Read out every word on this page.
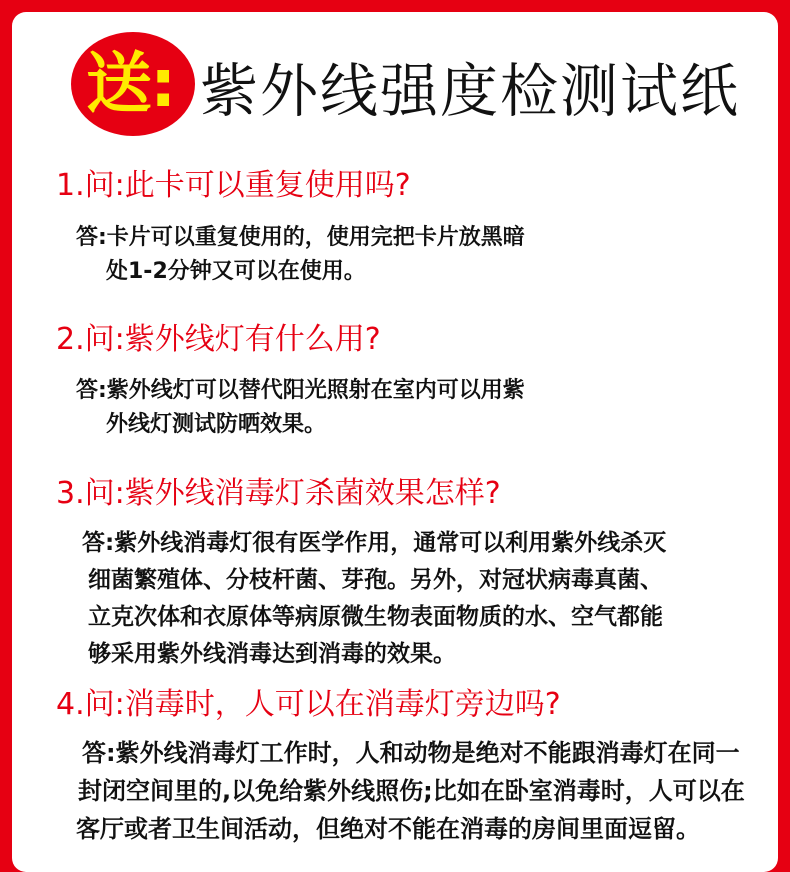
送: 紫外线强度检测试纸
1.问:此卡可以重复使用吗?
答:卡片可以重复使用的，使用完把卡片放黑暗
处1-2分钟又可以在使用。
2.问:紫外线灯有什么用?
答:紫外线灯可以替代阳光照射在室内可以用紫
外线灯测试防晒效果。
3.问:紫外线消毒灯杀菌效果怎样?
答:紫外线消毒灯很有医学作用，通常可以利用紫外线杀灭
细菌繁殖体、分枝杆菌、芽孢。另外，对冠状病毒真菌、
立克次体和衣原体等病原微生物表面物质的水、空气都能
够采用紫外线消毒达到消毒的效果。
4.问:消毒时，人可以在消毒灯旁边吗?
答:紫外线消毒灯工作时，人和动物是绝对不能跟消毒灯在同一
封闭空间里的,以免给紫外线照伤;比如在卧室消毒时，人可以在
客厅或者卫生间活动，但绝对不能在消毒的房间里面逗留。
